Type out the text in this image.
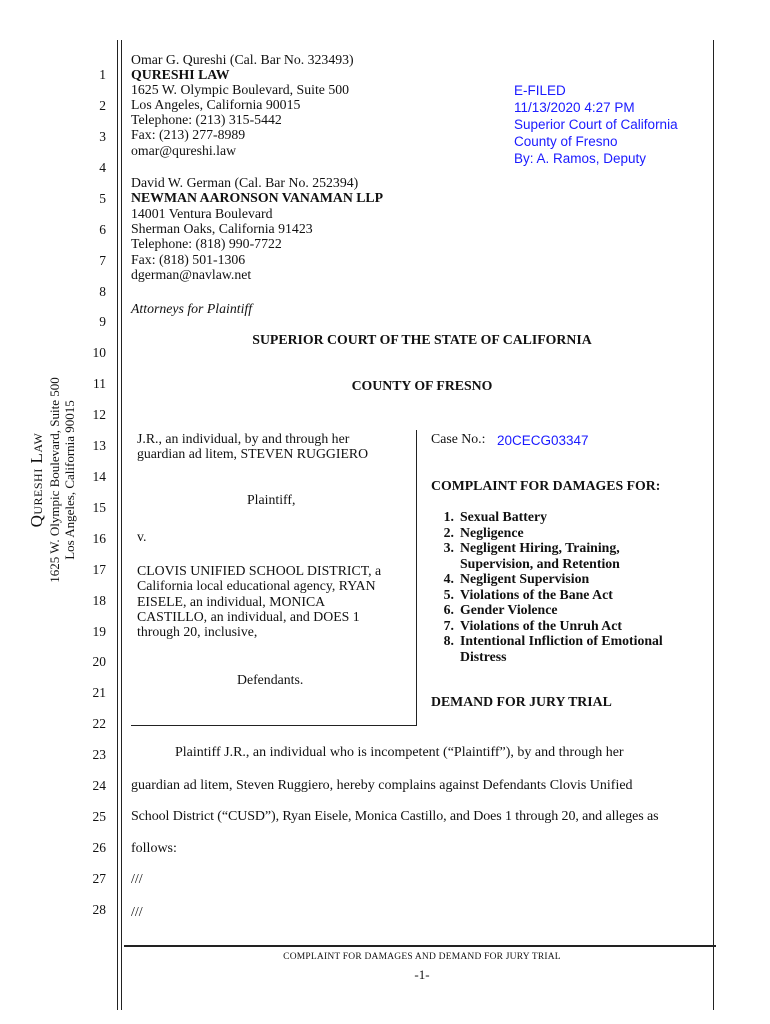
1
2
3
4
5
6
7
8
9
10
11
12
13
14
15
16
17
18
19
20
21
22
23
24
25
26
27
28
Qureshi Law 1625 W. Olympic Boulevard, Suite 500 Los Angeles, California 90015
Omar G. Qureshi (Cal. Bar No. 323493)
QURESHI LAW
1625 W. Olympic Boulevard, Suite 500
Los Angeles, California 90015
Telephone: (213) 315-5442
Fax: (213) 277-8989
omar@qureshi.law
E-FILED
11/13/2020 4:27 PM
Superior Court of California
County of Fresno
By: A. Ramos, Deputy
David W. German (Cal. Bar No. 252394)
NEWMAN AARONSON VANAMAN LLP
14001 Ventura Boulevard
Sherman Oaks, California 91423
Telephone: (818) 990-7722
Fax: (818) 501-1306
dgerman@navlaw.net
Attorneys for Plaintiff
SUPERIOR COURT OF THE STATE OF CALIFORNIA
COUNTY OF FRESNO
J.R., an individual, by and through her
guardian ad litem, STEVEN RUGGIERO
Plaintiff,
v.
CLOVIS UNIFIED SCHOOL DISTRICT, a
California local educational agency, RYAN
EISELE, an individual, MONICA
CASTILLO, an individual, and DOES 1
through 20, inclusive,
Defendants.
Case No.: 20CECG03347
COMPLAINT FOR DAMAGES FOR:
1. Sexual Battery
2. Negligence
3. Negligent Hiring, Training, Supervision, and Retention
4. Negligent Supervision
5. Violations of the Bane Act
6. Gender Violence
7. Violations of the Unruh Act
8. Intentional Infliction of Emotional Distress
DEMAND FOR JURY TRIAL
Plaintiff J.R., an individual who is incompetent (“Plaintiff”), by and through her
guardian ad litem, Steven Ruggiero, hereby complains against Defendants Clovis Unified
School District (“CUSD”), Ryan Eisele, Monica Castillo, and Does 1 through 20, and alleges as
follows:
///
///
COMPLAINT FOR DAMAGES AND DEMAND FOR JURY TRIAL
-1-
